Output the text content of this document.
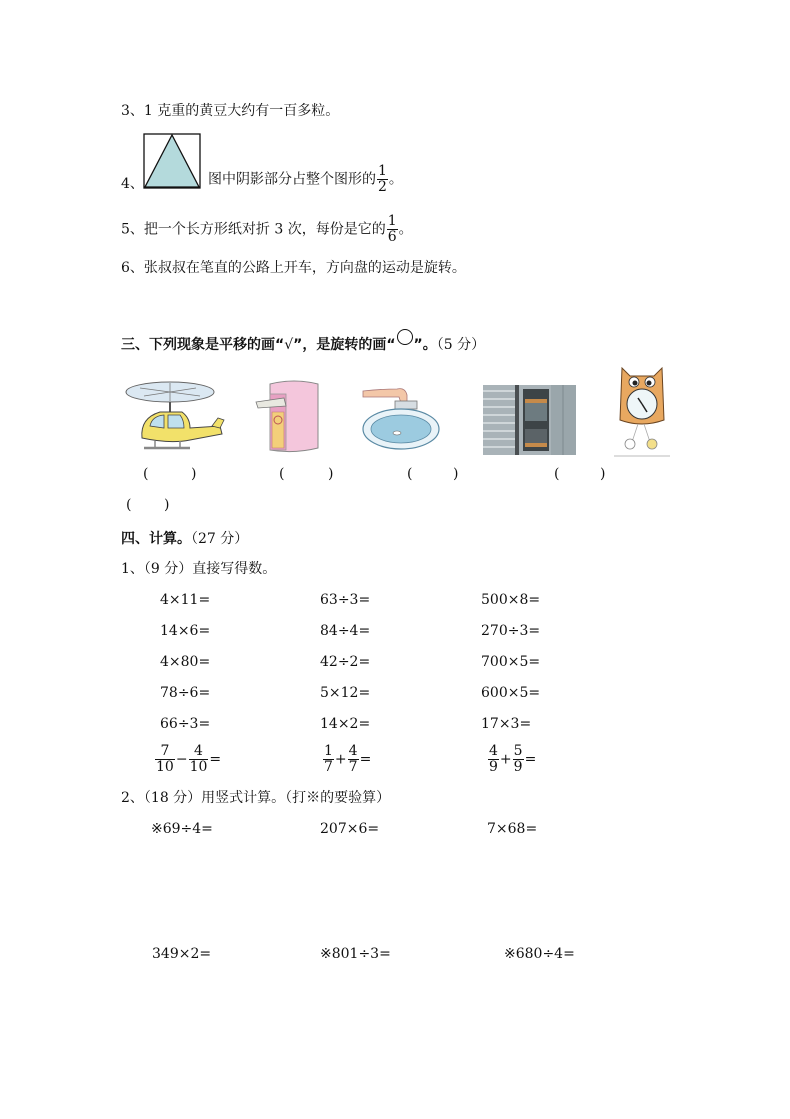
3、1 克重的黄豆大约有一百多粒。
4、	图中阴影部分占整个图形的 $\frac{1}{2}$ 。
5、把一个长方形纸对折 3 次，每份是它的 $\frac{1}{6}$ 。
6、张叔叔在笔直的公路上开车，方向盘的运动是旋转。
三、下列现象是平移的画“√”，是旋转的画“ ”。（5 分）
(	)	(	)	(	)	(	)
( )
四、计算。（27 分）
1、（9 分）直接写得数。
4×11=	63÷3=	500×8=
14×6=	84÷4=	270÷3=
4×80=	42÷2=	700×5=
78÷6=	5×12=	600×5=
66÷3=	14×2=	17×3=
$\frac{7}{10} - \frac{4}{10}$ =	$\frac{1}{7} + \frac{4}{7}$ =	$\frac{4}{9} + \frac{5}{9}$ =
2、（18 分）用竖式计算。（打※的要验算）
※69÷4=	207×6=	7×68=
349×2=	※801÷3=	※680÷4=
